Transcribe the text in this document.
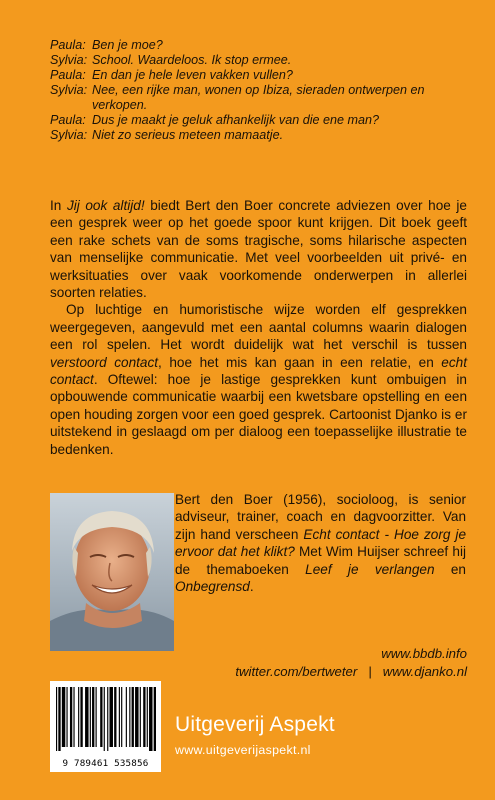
Paula: Ben je moe?
Sylvia: School. Waardeloos. Ik stop ermee.
Paula: En dan je hele leven vakken vullen?
Sylvia: Nee, een rijke man, wonen op Ibiza, sieraden ontwerpen en verkopen.
Paula: Dus je maakt je geluk afhankelijk van die ene man?
Sylvia: Niet zo serieus meteen mamaatje.

In Jij ook altijd! biedt Bert den Boer concrete adviezen over hoe je een gesprek weer op het goede spoor kunt krijgen. Dit boek geeft een rake schets van de soms tragische, soms hilarische aspecten van menselijke communicatie. Met veel voorbeelden uit privé- en werksituaties over vaak voorkomende onderwerpen in allerlei soorten relaties.

Op luchtige en humoristische wijze worden elf gesprekken weergegeven, aangevuld met een aantal columns waarin dialogen een rol spelen. Het wordt duidelijk wat het verschil is tussen verstoord contact, hoe het mis kan gaan in een relatie, en echt contact. Oftewel: hoe je lastige gesprekken kunt ombuigen in opbouwende communicatie waarbij een kwetsbare opstelling en een open houding zorgen voor een goed gesprek. Cartoonist Djanko is er uitstekend in geslaagd om per dialoog een toepasselijke illustratie te bedenken.

Bert den Boer (1956), socioloog, is senior adviseur, trainer, coach en dagvoorzitter. Van zijn hand verscheen Echt contact - Hoe zorg je ervoor dat het klikt? Met Wim Huijser schreef hij de themaboeken Leef je verlangen en Onbegrensd.
www.bbdb.info
twitter.com/bertweter | www.djanko.nl
9 789461 535856
Uitgeverij Aspekt
www.uitgeverijaspekt.nl
